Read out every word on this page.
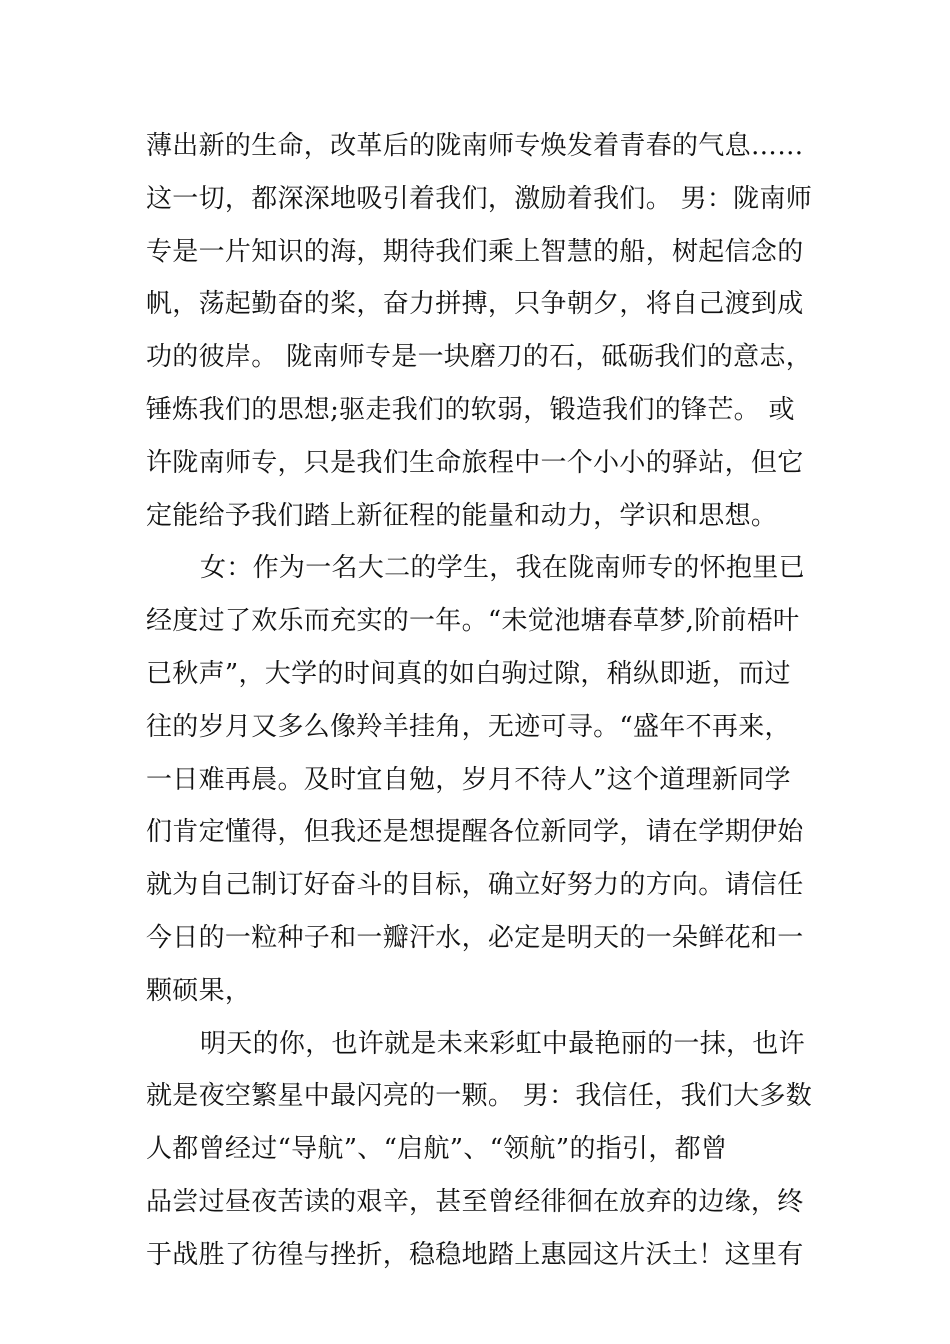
薄出新的生命，改革后的陇南师专焕发着青春的气息……
这一切，都深深地吸引着我们，激励着我们。 男：陇南师
专是一片知识的海，期待我们乘上智慧的船，树起信念的
帆，荡起勤奋的桨，奋力拼搏，只争朝夕，将自己渡到成
功的彼岸。 陇南师专是一块磨刀的石，砥砺我们的意志，
锤炼我们的思想;驱走我们的软弱，锻造我们的锋芒。 或
许陇南师专，只是我们生命旅程中一个小小的驿站，但它
定能给予我们踏上新征程的能量和动力，学识和思想。
女：作为一名大二的学生，我在陇南师专的怀抱里已
经度过了欢乐而充实的一年。“未觉池塘春草梦,阶前梧叶
已秋声”，大学的时间真的如白驹过隙，稍纵即逝，而过
往的岁月又多么像羚羊挂角，无迹可寻。“盛年不再来，
一日难再晨。及时宜自勉，岁月不待人”这个道理新同学
们肯定懂得，但我还是想提醒各位新同学，请在学期伊始
就为自己制订好奋斗的目标，确立好努力的方向。请信任
今日的一粒种子和一瓣汗水，必定是明天的一朵鲜花和一
颗硕果，
明天的你，也许就是未来彩虹中最艳丽的一抹，也许
就是夜空繁星中最闪亮的一颗。 男：我信任，我们大多数
人都曾经过“导航”、“启航”、“领航”的指引，都曾
品尝过昼夜苦读的艰辛，甚至曾经徘徊在放弃的边缘，终
于战胜了彷徨与挫折，稳稳地踏上惠园这片沃土！这里有
